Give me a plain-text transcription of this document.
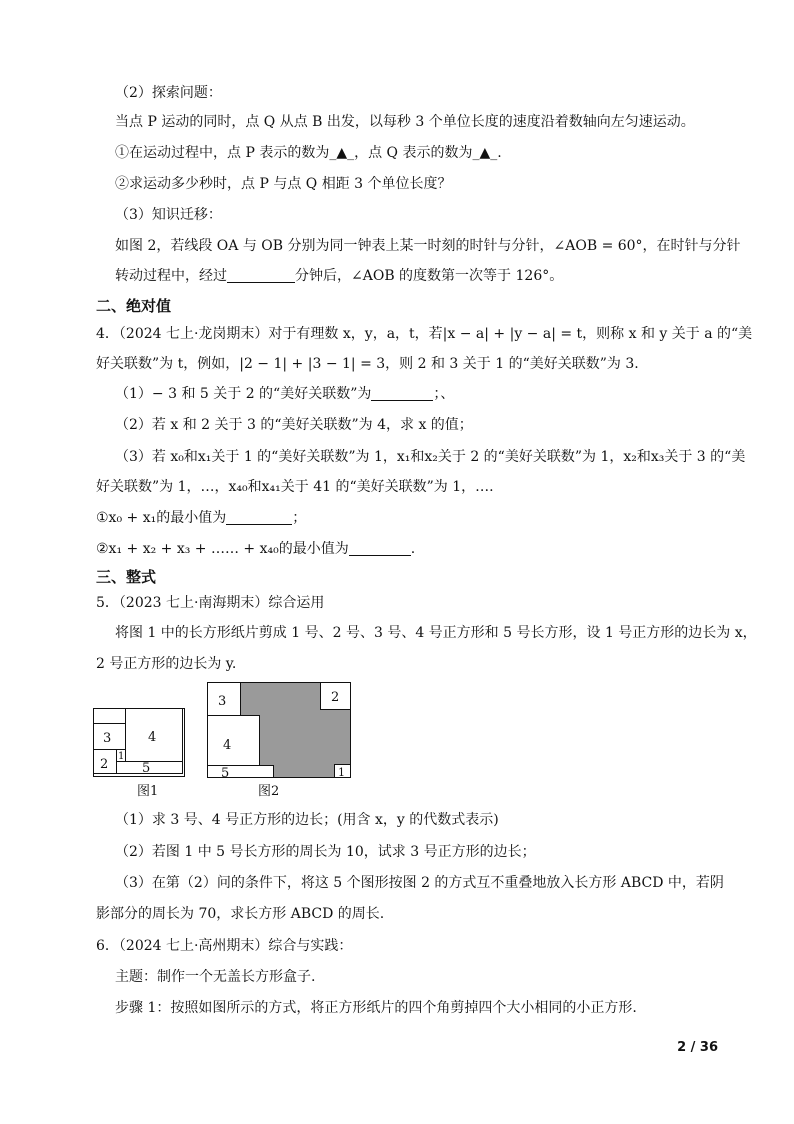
（2）探索问题：
当点 P 运动的同时，点 Q 从点 B 出发，以每秒 3 个单位长度的速度沿着数轴向左匀速运动。
①在运动过程中，点 P 表示的数为_▲_，点 Q 表示的数为_▲_.
②求运动多少秒时，点 P 与点 Q 相距 3 个单位长度？
（3）知识迁移：
如图 2，若线段 OA 与 OB 分别为同一钟表上某一时刻的时针与分针，∠AOB = 60°，在时针与分针
转动过程中，经过	分钟后，∠AOB 的度数第一次等于 126°。
二、绝对值
4．（2024 七上·龙岗期末）对于有理数 x，y，a，t，若|x − a| + |y − a| = t，则称 x 和 y 关于 a 的“美
好关联数”为 t，例如，|2 − 1| + |3 − 1| = 3，则 2 和 3 关于 1 的“美好关联数”为 3.
（1）− 3 和 5 关于 2 的“美好关联数”为	；、
（2）若 x 和 2 关于 3 的“美好关联数”为 4，求 x 的值；
（3）若 x₀和x₁关于 1 的“美好关联数”为 1，x₁和x₂关于 2 的“美好关联数”为 1，x₂和x₃关于 3 的“美
好关联数”为 1，…，x₄₀和x₄₁关于 41 的“美好关联数”为 1，….
①x₀ + x₁的最小值为	；
②x₁ + x₂ + x₃ + …… + x₄₀的最小值为	.
三、整式
5．（2023 七上·南海期末）综合运用
将图 1 中的长方形纸片剪成 1 号、2 号、3 号、4 号正方形和 5 号长方形，设 1 号正方形的边长为 x，
2 号正方形的边长为 y.
3	4
2
1
5
图1
3
4
2
5	1
图2
（1）求 3 号、4 号正方形的边长；(用含 x，y 的代数式表示)
（2）若图 1 中 5 号长方形的周长为 10，试求 3 号正方形的边长；
（3）在第（2）问的条件下，将这 5 个图形按图 2 的方式互不重叠地放入长方形 ABCD 中，若阴
影部分的周长为 70，求长方形 ABCD 的周长.
6．（2024 七上·高州期末）综合与实践：
主题：制作一个无盖长方形盒子.
步骤 1：按照如图所示的方式，将正方形纸片的四个角剪掉四个大小相同的小正方形.
2 / 36
